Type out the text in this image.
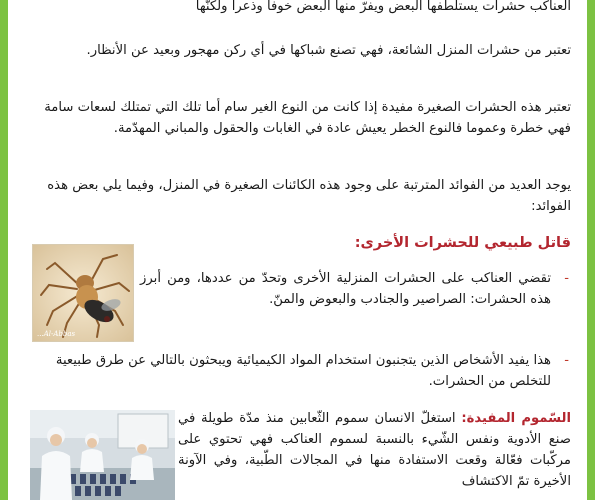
العناكب حشرات يستلطفها البعض ويفرّ منها البعض خوفا وذعرا ولكنّها

تعتبر من حشرات المنزل الشائعة، فهي تصنع شباكها في أي ركن مهجور وبعيد عن الأنظار.

تعتبر هذه الحشرات الصغيرة مفيدة إذا كانت من النوع الغير سام أما تلك التي تمتلك لسعات سامة فهي خطرة وعموما فالنوع الخطر يعيش عادة في الغابات والحقول والمباني المهدّمة.

يوجد العديد من الفوائد المترتبة على وجود هذه الكائنات الصغيرة في المنزل، وفيما يلي بعض هذه الفوائد:

قاتل طبيعي للحشرات الأخرى:
-
تقضي العناكب على الحشرات المنزلية الأخرى وتحدّ من عددها، ومن أبرز هذه الحشرات: الصراصير والجنادب والبعوض والمنّ.

-
هذا يفيد الأشخاص الذين يتجنبون استخدام المواد الكيميائية ويبحثون بالتالي عن طرق طبيعية للتخلص من الحشرات.

السّموم المفيدة: استغلّ الانسان سموم الثّعابين منذ مدّة طويلة في صنع الأدوية ونفس الشّيء بالنسبة لسموم العناكب فهي تحتوي على مركّبات فعّالة وقعت الاستفادة منها في المجالات الطّبية، وفي الآونة الأخيرة تمّ الاكتشاف

Al-Abbas...
